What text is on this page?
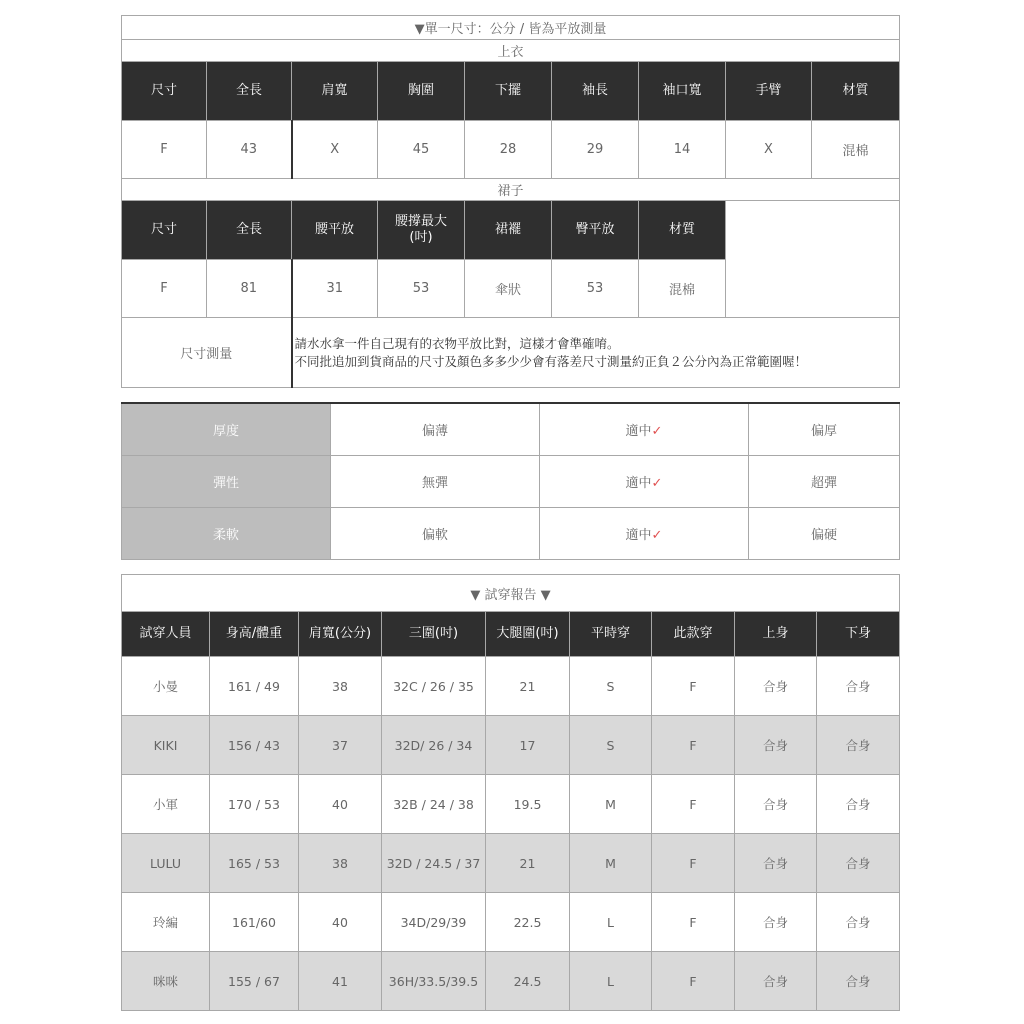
▼單一尺寸：公分 / 皆為平放測量								
上衣								
尺寸	全長	肩寬	胸圍	下擺	袖長	袖口寬	手臂	材質
F	43	X	45	28	29	14	X	混棉
裙子								
尺寸	全長	腰平放	腰撐最大(吋)	裙襬	臀平放	材質		
F	81	31	53	傘狀	53	混棉		
尺寸測量		請水水拿一件自己現有的衣物平放比對，這樣才會準確唷。
不同批追加到貨商品的尺寸及顏色多多少少會有落差尺寸測量約正負２公分內為正常範圍喔！						
厚度	偏薄	適中✓	偏厚
彈性	無彈	適中✓	超彈
柔軟	偏軟	適中✓	偏硬
▼ 試穿報告 ▼								
試穿人員	身高/體重	肩寬(公分)	三圍(吋)	大腿圍(吋)	平時穿	此款穿	上身	下身
小曼	161 / 49	38	32C / 26 / 35	21	S	F	合身	合身
KIKI	156 / 43	37	32D/ 26 / 34	17	S	F	合身	合身
小軍	170 / 53	40	32B / 24 / 38	19.5	M	F	合身	合身
LULU	165 / 53	38	32D / 24.5 / 37	21	M	F	合身	合身
玲編	161/60	40	34D/29/39	22.5	L	F	合身	合身
咪咪	155 / 67	41	36H/33.5/39.5	24.5	L	F	合身	合身
